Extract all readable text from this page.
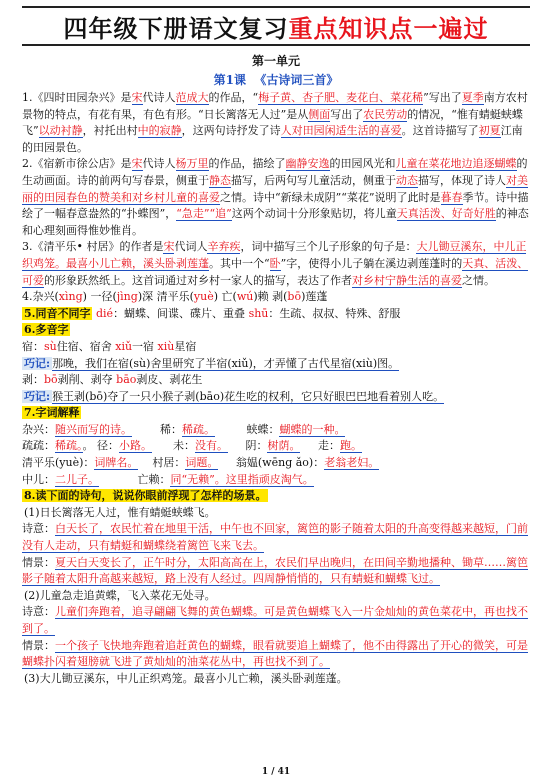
四年级下册语文复习 重点知识点一遍过
第一单元
第1课 《古诗词三首》

1.《四时田园杂兴》是宋代诗人范成大的作品，“梅子黄、杏子肥、麦花白、菜花稀”写出了夏季南方农村景物的特点，有花有果，有色有形。“日长篱落无人过”是从侧面写出了农民劳动的情况，“惟有蜻蜓蛱蝶飞”以动衬静，衬托出村中的寂静，这两句诗抒发了诗人对田园闲适生活的喜爱。这首诗描写了初夏江南的田园景色。

2.《宿新市徐公店》是宋代诗人杨万里的作品，描绘了幽静安逸的田园风光和儿童在菜花地边追逐蝴蝶的生动画面。诗的前两句写春景，侧重于静态描写，后两句写儿童活动，侧重于动态描写，体现了诗人对美丽的田园春色的赞美和对乡村儿童的喜爱之情。诗中“新绿未成阴”“菜花”说明了此时是暮春季节。诗中描绘了一幅春意盎然的“扑蝶图”，“急走”“追”这两个动词十分形象贴切，将儿童天真活泼、好奇好胜的神态和心理刻画得惟妙惟肖。

3.《清平乐• 村居》的作者是宋代词人辛弃疾，词中描写三个儿子形象的句子是：大儿锄豆溪东，中儿正织鸡笼。最喜小儿亡赖，溪头卧剥莲蓬。其中一个“卧”字，使得小儿子躺在溪边剥莲蓬时的天真、活泼、可爱的形象跃然纸上。这首词通过对乡村一家人的描写，表达了作者对乡村宁静生活的喜爱之情。

4.杂兴(xìng) 一径(jìng)深 清平乐(yuè) 亡(wú)赖 剥(bō)莲蓬

5.同音不同字 dié：蝴蝶、间谍、碟片、重叠 shū：生疏、叔叔、特殊、舒服

6.多音字

宿：sù住宿、宿舍 xiǔ一宿 xiù星宿

巧记: 那晚，我们在宿(sù)舍里研究了半宿(xiǔ)，才弄懂了古代星宿(xiù)图。

剥：bō剥削、剥夺 bāo剥皮、剥花生

巧记: 猴王剥(bō)夺了一只小猴子剥(bāo)花生吃的权利，它只好眼巴巴地看着别人吃。

7.字词解释

杂兴：随兴而写的诗。	稀：稀疏。	蛱蝶：蝴蝶的一种。

疏疏：稀疏。。 径：小路。 未：没有。 阴：树荫。 走：跑。

清平乐(yuè)：词牌名。 村居：词题。 翁媪(wēng ǎo)：老翁老妇。

中儿：二儿子。	亡赖：同“无赖”。这里指顽皮淘气。

8.读下面的诗句，说说你眼前浮现了怎样的场景。

(1)日长篱落无人过，惟有蜻蜓蛱蝶飞。

诗意：白天长了，农民忙着在地里干活，中午也不回家，篱笆的影子随着太阳的升高变得越来越短，门前没有人走动，只有蜻蜓和蝴蝶绕着篱笆飞来飞去。

情景：夏天白天变长了，正午时分，太阳高高在上，农民们早出晚归，在田间辛勤地播种、锄草……篱笆影子随着太阳升高越来越短，路上没有人经过。四周静悄悄的，只有蜻蜓和蝴蝶飞过。

(2)儿童急走追黄蝶，飞入菜花无处寻。

诗意：儿童们奔跑着，追寻翩翩飞舞的黄色蝴蝶。可是黄色蝴蝶飞入一片金灿灿的黄色菜花中，再也找不到了。

情景：一个孩子飞快地奔跑着追赶黄色的蝴蝶，眼看就要追上蝴蝶了，他不由得露出了开心的微笑，可是蝴蝶扑闪着翅膀就飞进了黄灿灿的油菜花丛中，再也找不到了。

(3)大儿锄豆溪东，中儿正织鸡笼。最喜小儿亡赖，溪头卧剥莲蓬。

1 / 41
